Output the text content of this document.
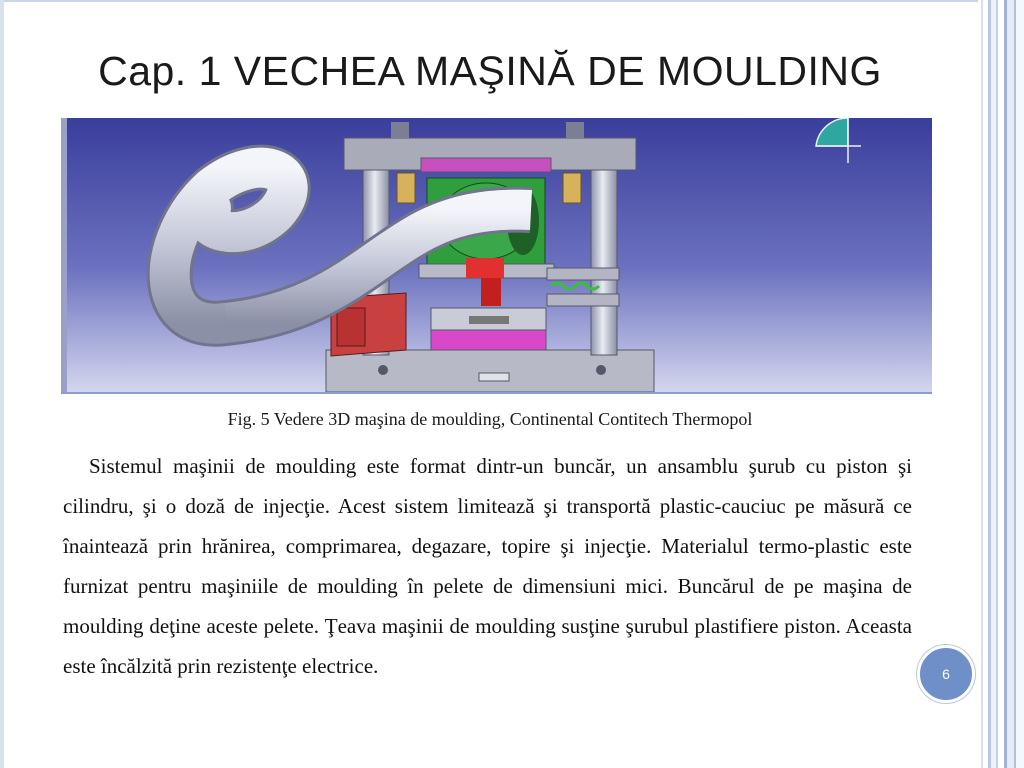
Cap. 1 VECHEA MAŞINĂ DE MOULDING
Fig. 5 Vedere 3D maşina de moulding, Continental Contitech Thermopol

Sistemul maşinii de moulding este format dintr-un buncăr, un ansamblu şurub cu piston şi cilindru, şi o doză de injecţie. Acest sistem limitează şi transportă plastic-cauciuc pe măsură ce înaintează prin hrănirea, comprimarea, degazare, topire şi injecţie. Materialul termo-plastic este furnizat pentru maşiniile de moulding în pelete de dimensiuni mici. Buncărul de pe maşina de moulding deţine aceste pelete. Ţeava maşinii de moulding susţine şurubul plastifiere piston. Aceasta este încălzită prin rezistenţe electrice.	6
